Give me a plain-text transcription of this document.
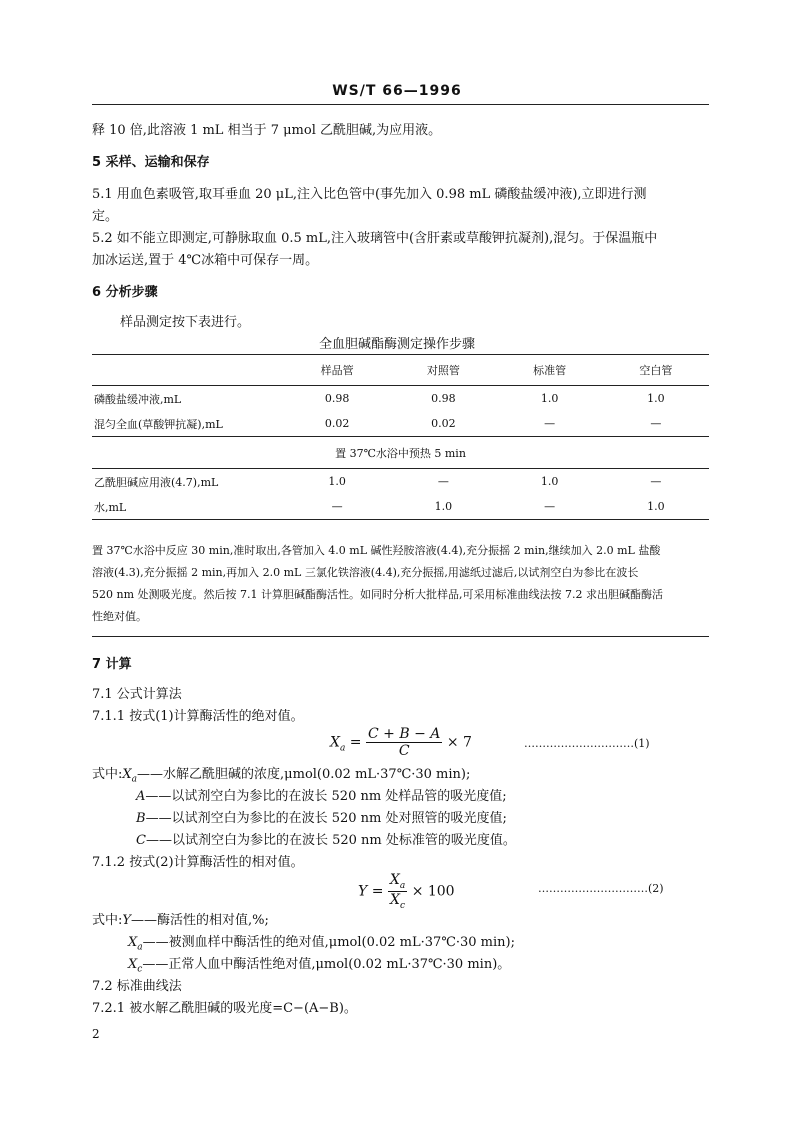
WS/T 66—1996
释 10 倍,此溶液 1 mL 相当于 7 μmol 乙酰胆碱,为应用液。
5 采样、运输和保存
5.1 用血色素吸管,取耳垂血 20 μL,注入比色管中(事先加入 0.98 mL 磷酸盐缓冲液),立即进行测
定。
5.2 如不能立即测定,可静脉取血 0.5 mL,注入玻璃管中(含肝素或草酸钾抗凝剂),混匀。于保温瓶中
加冰运送,置于 4℃冰箱中可保存一周。
6 分析步骤
样品测定按下表进行。
全血胆碱酯酶测定操作步骤
	样品管	对照管	标准管	空白管
磷酸盐缓冲液,mL	0.98	0.98	1.0	1.0
混匀全血(草酸钾抗凝),mL	0.02	0.02	—	—
置 37℃水浴中预热 5 min				
乙酰胆碱应用液(4.7),mL	1.0	—	1.0	—
水,mL	—	1.0	—	1.0
置 37℃水浴中反应 30 min,准时取出,各管加入 4.0 mL 碱性羟胺溶液(4.4),充分振摇 2 min,继续加入 2.0 mL 盐酸
溶液(4.3),充分振摇 2 min,再加入 2.0 mL 三氯化铁溶液(4.4),充分振摇,用滤纸过滤后,以试剂空白为参比在波长
520 nm 处测吸光度。然后按 7.1 计算胆碱酯酶活性。如同时分析大批样品,可采用标准曲线法按 7.2 求出胆碱酯酶活
性绝对值。
7 计算
7.1 公式计算法
7.1.1 按式(1)计算酶活性的绝对值。
$X_a = \frac{C + B - A}{C} \times 7$	…………………………(1)
式中$:X_a——$水解乙酰胆碱的浓度,μmol(0.02 mL·37℃·30 min);
A——以试剂空白为参比的在波长 520 nm 处样品管的吸光度值;
B——以试剂空白为参比的在波长 520 nm 处对照管的吸光度值;
C——以试剂空白为参比的在波长 520 nm 处标准管的吸光度值。
7.1.2 按式(2)计算酶活性的相对值。
$Y = \frac{X_a}{X_c} \times 100$	…………………………(2)
式中:Y——酶活性的相对值,%;
$X_a——$被测血样中酶活性的绝对值,μmol(0.02 mL·37℃·30 min);
$X_c——$正常人血中酶活性绝对值,μmol(0.02 mL·37℃·30 min)。
7.2 标准曲线法
7.2.1 被水解乙酰胆碱的吸光度=C−(A−B)。
2
